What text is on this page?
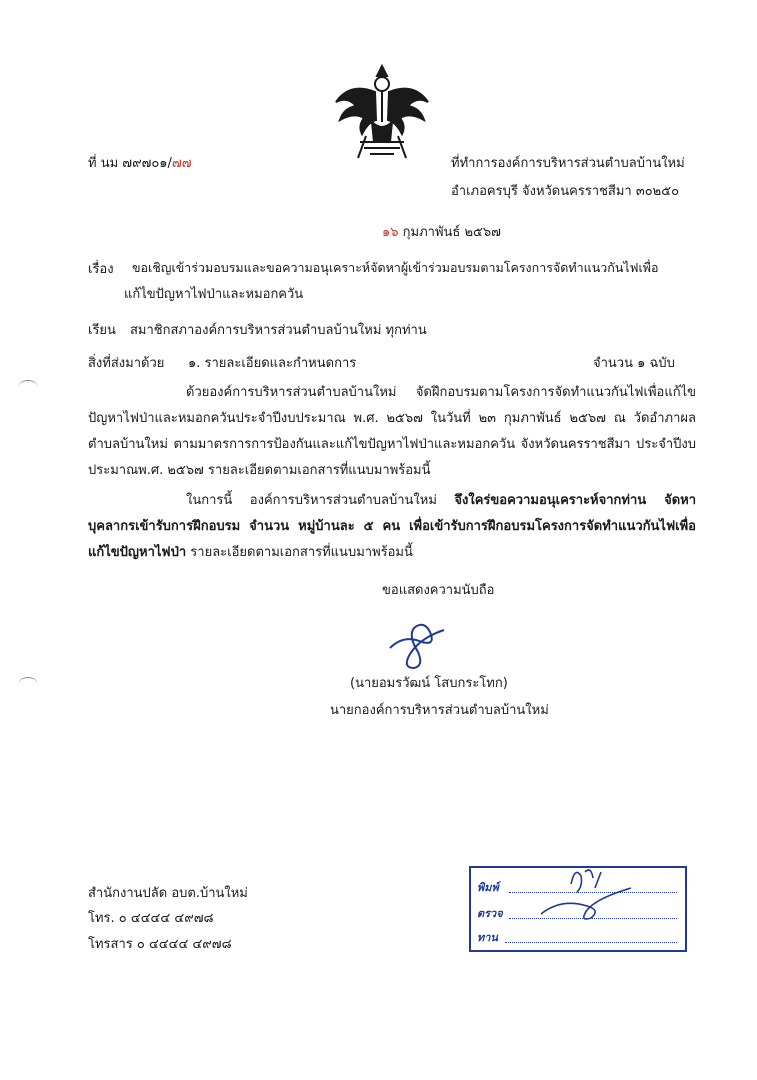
ที่ นม ๗๙๗๐๑/๗๗	ที่ทำการองค์การบริหารส่วนตำบลบ้านใหม่
อำเภอครบุรี จังหวัดนครราชสีมา ๓๐๒๕๐
๑๖ กุมภาพันธ์ ๒๕๖๗
เรื่อง ขอเชิญเข้าร่วมอบรมและขอความอนุเคราะห์จัดหาผู้เข้าร่วมอบรมตามโครงการจัดทำแนวกันไฟเพื่อ
แก้ไขปัญหาไฟป่าและหมอกควัน
เรียน สมาชิกสภาองค์การบริหารส่วนตำบลบ้านใหม่ ทุกท่าน
สิ่งที่ส่งมาด้วย ๑. รายละเอียดและกำหนดการ	จำนวน ๑ ฉบับ
ด้วยองค์การบริหารส่วนตำบลบ้านใหม่ จัดฝึกอบรมตามโครงการจัดทำแนวกันไฟเพื่อแก้ไขปัญหาไฟป่าและหมอกควันประจำปีงบประมาณ พ.ศ. ๒๕๖๗ ในวันที่ ๒๓ กุมภาพันธ์ ๒๕๖๗ ณ วัดอำภาผล ตำบลบ้านใหม่ ตามมาตรการการป้องกันและแก้ไขปัญหาไฟป่าและหมอกควัน จังหวัดนครราชสีมา ประจำปีงบประมาณพ.ศ. ๒๕๖๗ รายละเอียดตามเอกสารที่แนบมาพร้อมนี้
ในการนี้ องค์การบริหารส่วนตำบลบ้านใหม่ จึงใคร่ขอความอนุเคราะห์จากท่าน จัดหาบุคลากรเข้ารับการฝึกอบรม จำนวน หมู่บ้านละ ๕ คน เพื่อเข้ารับการฝึกอบรมโครงการจัดทำแนวกันไฟเพื่อแก้ไขปัญหาไฟป่า รายละเอียดตามเอกสารที่แนบมาพร้อมนี้
ขอแสดงความนับถือ
(นายอมรวัฒน์ โสบกระโทก)
นายกองค์การบริหารส่วนตำบลบ้านใหม่
สำนักงานปลัด อบต.บ้านใหม่
โทร. ๐ ๔๔๔๔ ๔๙๗๘
โทรสาร ๐ ๔๔๔๔ ๔๙๗๘
พิมพ์
ตรวจ
ทาน
